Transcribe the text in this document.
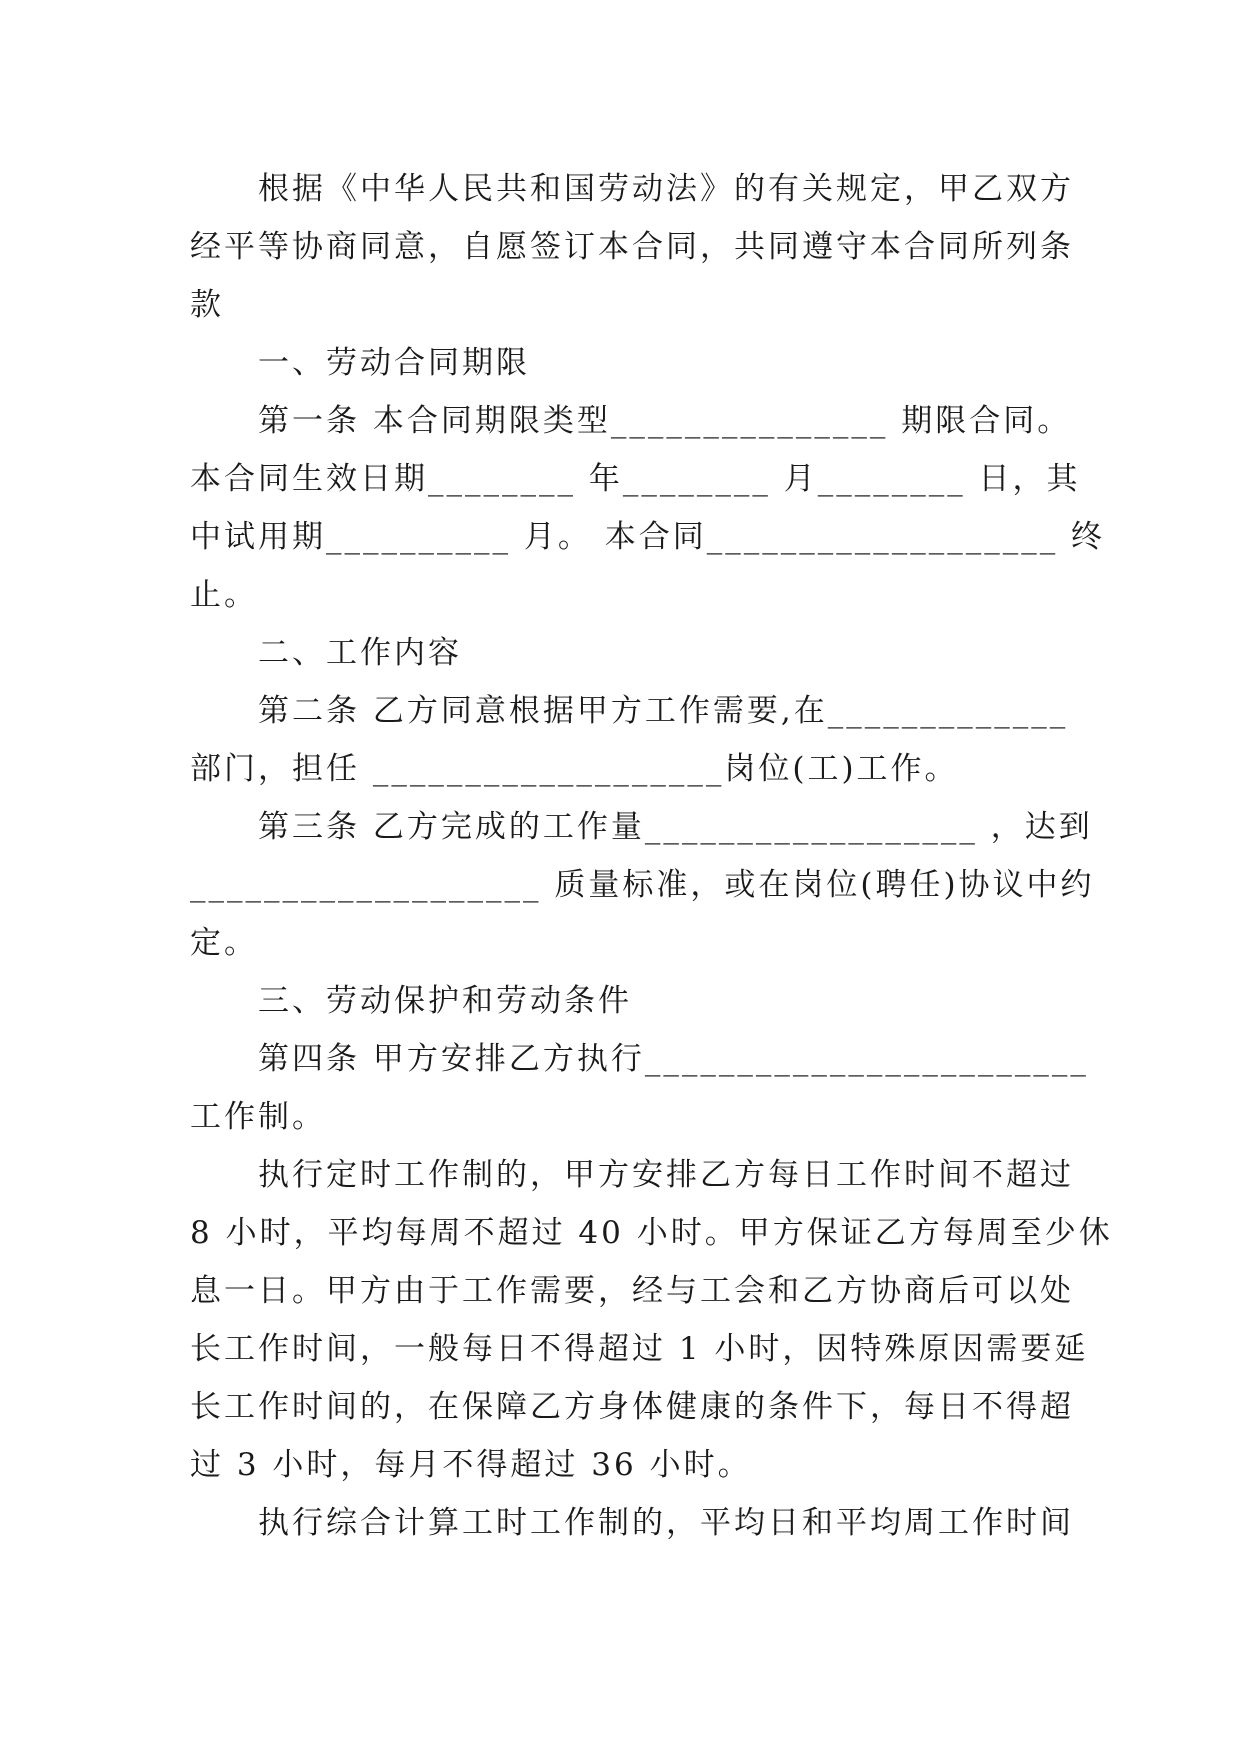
根据《中华人民共和国劳动法》的有关规定，甲乙双方
经平等协商同意，自愿签订本合同，共同遵守本合同所列条
款
一、劳动合同期限
第一条 本合同期限类型_______________ 期限合同。
本合同生效日期________ 年________ 月________ 日，其
中试用期__________ 月。 本合同___________________ 终
止。
二、工作内容
第二条 乙方同意根据甲方工作需要,在_____________
部门，担任 ___________________岗位(工)工作。
第三条 乙方完成的工作量__________________ ，达到
___________________ 质量标准，或在岗位(聘任)协议中约
定。
三、劳动保护和劳动条件
第四条 甲方安排乙方执行________________________
工作制。
执行定时工作制的，甲方安排乙方每日工作时间不超过
8 小时，平均每周不超过 40 小时。甲方保证乙方每周至少休
息一日。甲方由于工作需要，经与工会和乙方协商后可以处
长工作时间，一般每日不得超过 1 小时，因特殊原因需要延
长工作时间的，在保障乙方身体健康的条件下，每日不得超
过 3 小时，每月不得超过 36 小时。
执行综合计算工时工作制的，平均日和平均周工作时间
